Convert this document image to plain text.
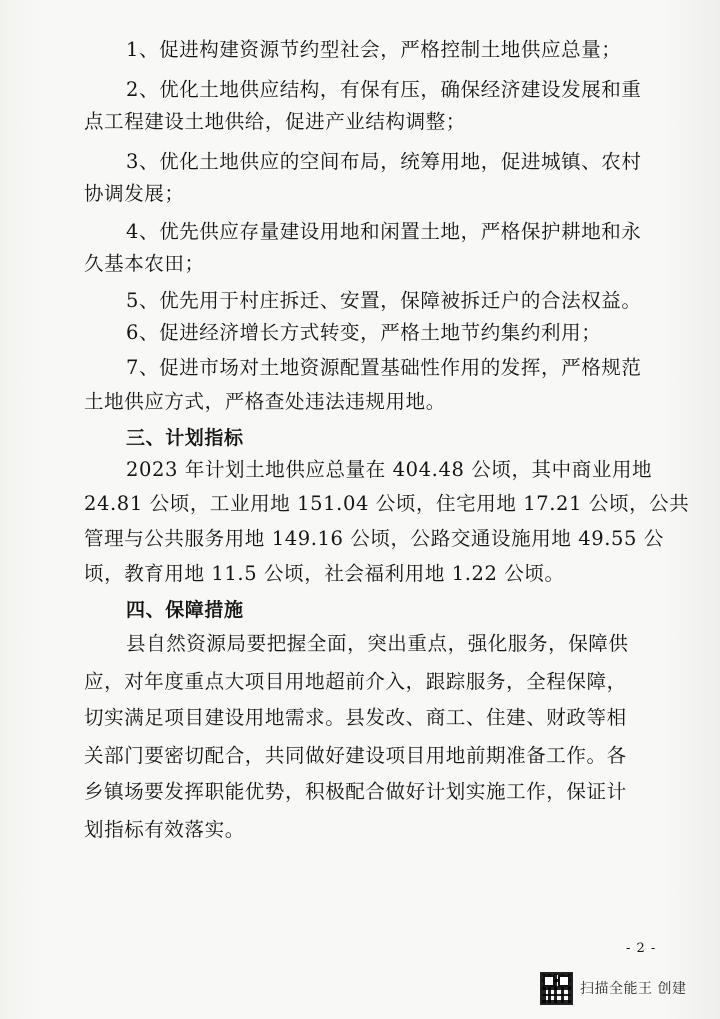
1、促进构建资源节约型社会，严格控制土地供应总量；
2、优化土地供应结构，有保有压，确保经济建设发展和重
点工程建设土地供给，促进产业结构调整；
3、优化土地供应的空间布局，统筹用地，促进城镇、农村
协调发展；
4、优先供应存量建设用地和闲置土地，严格保护耕地和永
久基本农田；
5、优先用于村庄拆迁、安置，保障被拆迁户的合法权益。
6、促进经济增长方式转变，严格土地节约集约利用；
7、促进市场对土地资源配置基础性作用的发挥，严格规范
土地供应方式，严格查处违法违规用地。
三、计划指标
2023 年计划土地供应总量在 404.48 公顷，其中商业用地
24.81 公顷，工业用地 151.04 公顷，住宅用地 17.21 公顷，公共
管理与公共服务用地 149.16 公顷，公路交通设施用地 49.55 公
顷，教育用地 11.5 公顷，社会福利用地 1.22 公顷。
四、保障措施
县自然资源局要把握全面，突出重点，强化服务，保障供
应，对年度重点大项目用地超前介入，跟踪服务，全程保障，
切实满足项目建设用地需求。县发改、商工、住建、财政等相
关部门要密切配合，共同做好建设项目用地前期准备工作。各
乡镇场要发挥职能优势，积极配合做好计划实施工作，保证计
划指标有效落实。
- 2 -
扫描全能王 创建
